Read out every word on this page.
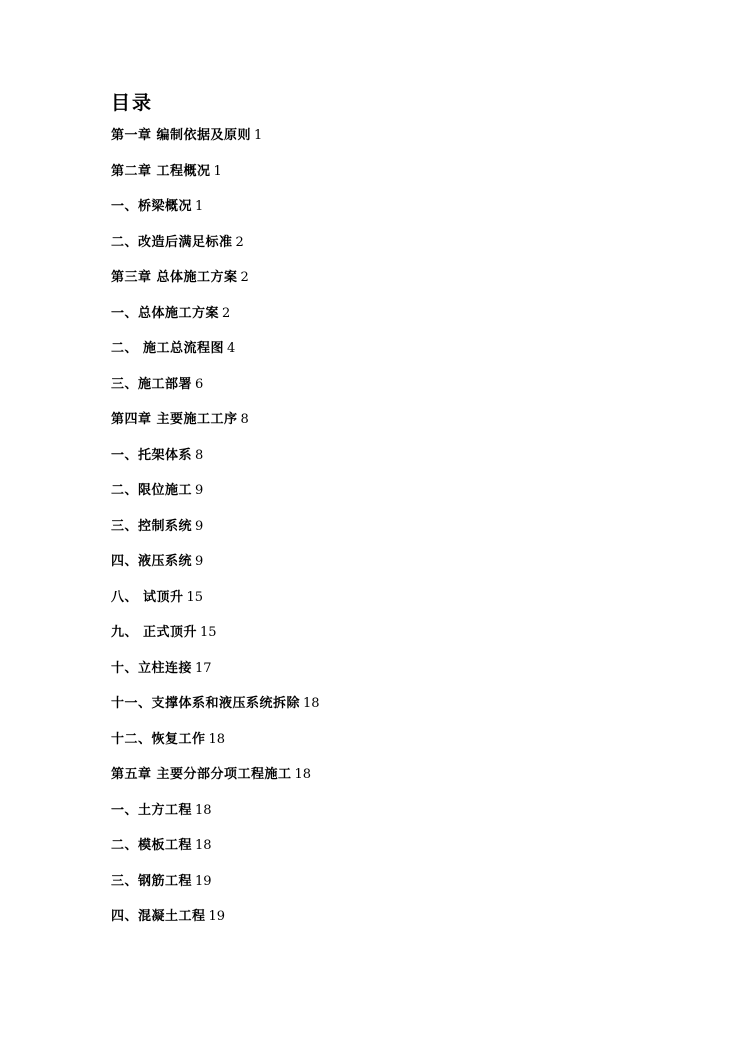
目录
第一章 编制依据及原则 1
第二章 工程概况 1
一、桥梁概况 1
二、改造后满足标准 2
第三章 总体施工方案 2
一、总体施工方案 2
二、 施工总流程图 4
三、施工部署 6
第四章 主要施工工序 8
一、托架体系 8
二、限位施工 9
三、控制系统 9
四、液压系统 9
八、 试顶升 15
九、 正式顶升 15
十、立柱连接 17
十一、支撑体系和液压系统拆除 18
十二、恢复工作 18
第五章 主要分部分项工程施工 18
一、土方工程 18
二、模板工程 18
三、钢筋工程 19
四、混凝土工程 19
